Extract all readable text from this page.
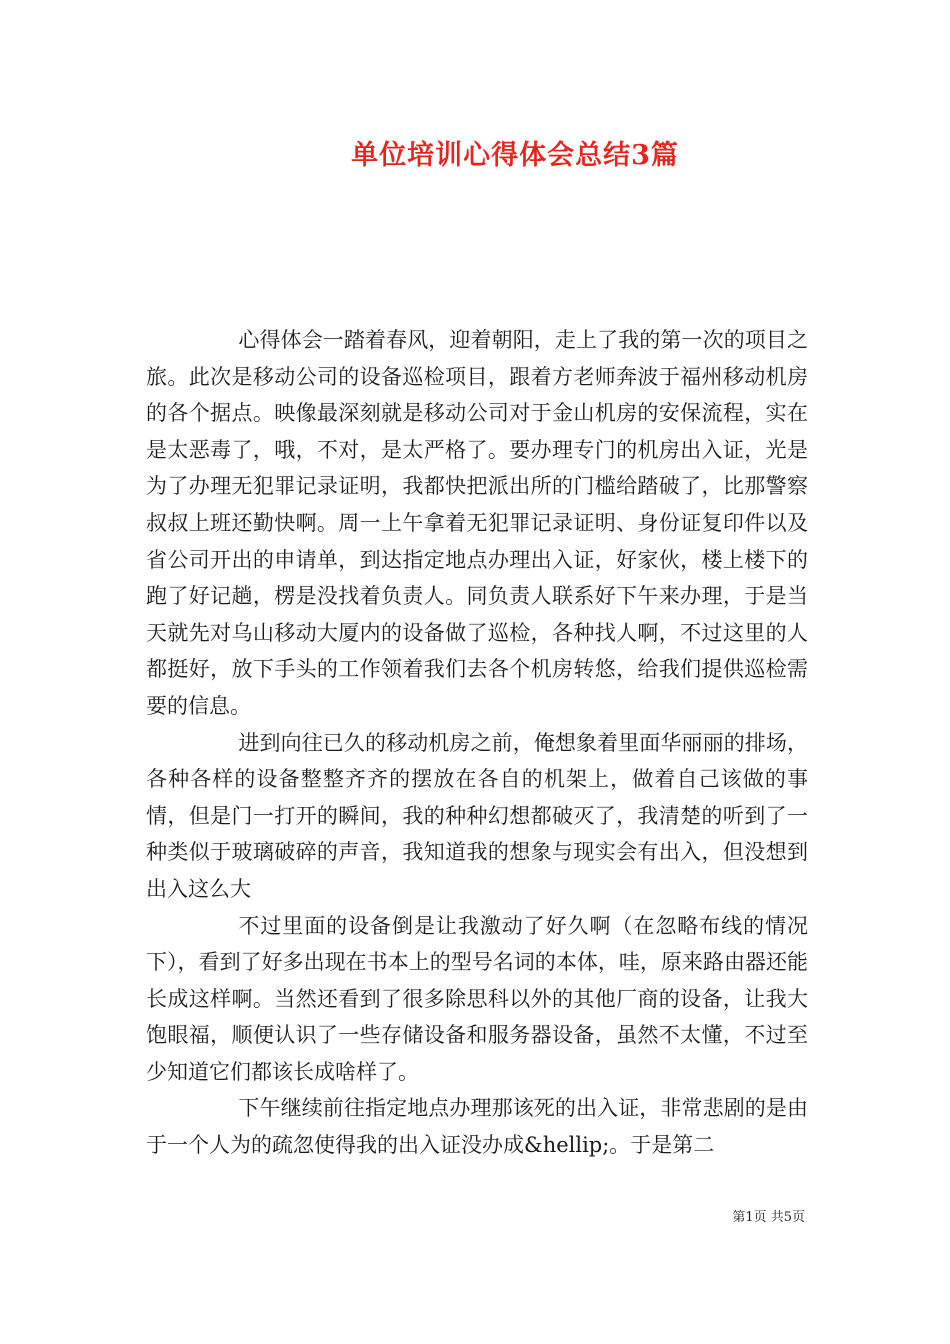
单位培训心得体会总结3篇

心得体会一踏着春风，迎着朝阳，走上了我的第一次的项目之旅。此次是移动公司的设备巡检项目，跟着方老师奔波于福州移动机房的各个据点。映像最深刻就是移动公司对于金山机房的安保流程，实在是太恶毒了，哦，不对，是太严格了。要办理专门的机房出入证，光是为了办理无犯罪记录证明，我都快把派出所的门槛给踏破了，比那警察叔叔上班还勤快啊。周一上午拿着无犯罪记录证明、身份证复印件以及省公司开出的申请单，到达指定地点办理出入证，好家伙，楼上楼下的跑了好记趟，楞是没找着负责人。同负责人联系好下午来办理，于是当天就先对乌山移动大厦内的设备做了巡检，各种找人啊，不过这里的人都挺好，放下手头的工作领着我们去各个机房转悠，给我们提供巡检需要的信息。

进到向往已久的移动机房之前，俺想象着里面华丽丽的排场，各种各样的设备整整齐齐的摆放在各自的机架上，做着自己该做的事情，但是门一打开的瞬间，我的种种幻想都破灭了，我清楚的听到了一种类似于玻璃破碎的声音，我知道我的想象与现实会有出入，但没想到出入这么大

不过里面的设备倒是让我激动了好久啊（在忽略布线的情况下），看到了好多出现在书本上的型号名词的本体，哇，原来路由器还能长成这样啊。当然还看到了很多除思科以外的其他厂商的设备，让我大饱眼福，顺便认识了一些存储设备和服务器设备，虽然不太懂，不过至少知道它们都该长成啥样了。

下午继续前往指定地点办理那该死的出入证，非常悲剧的是由于一个人为的疏忽使得我的出入证没办成&hellip;。于是第二

第1页 共5页
